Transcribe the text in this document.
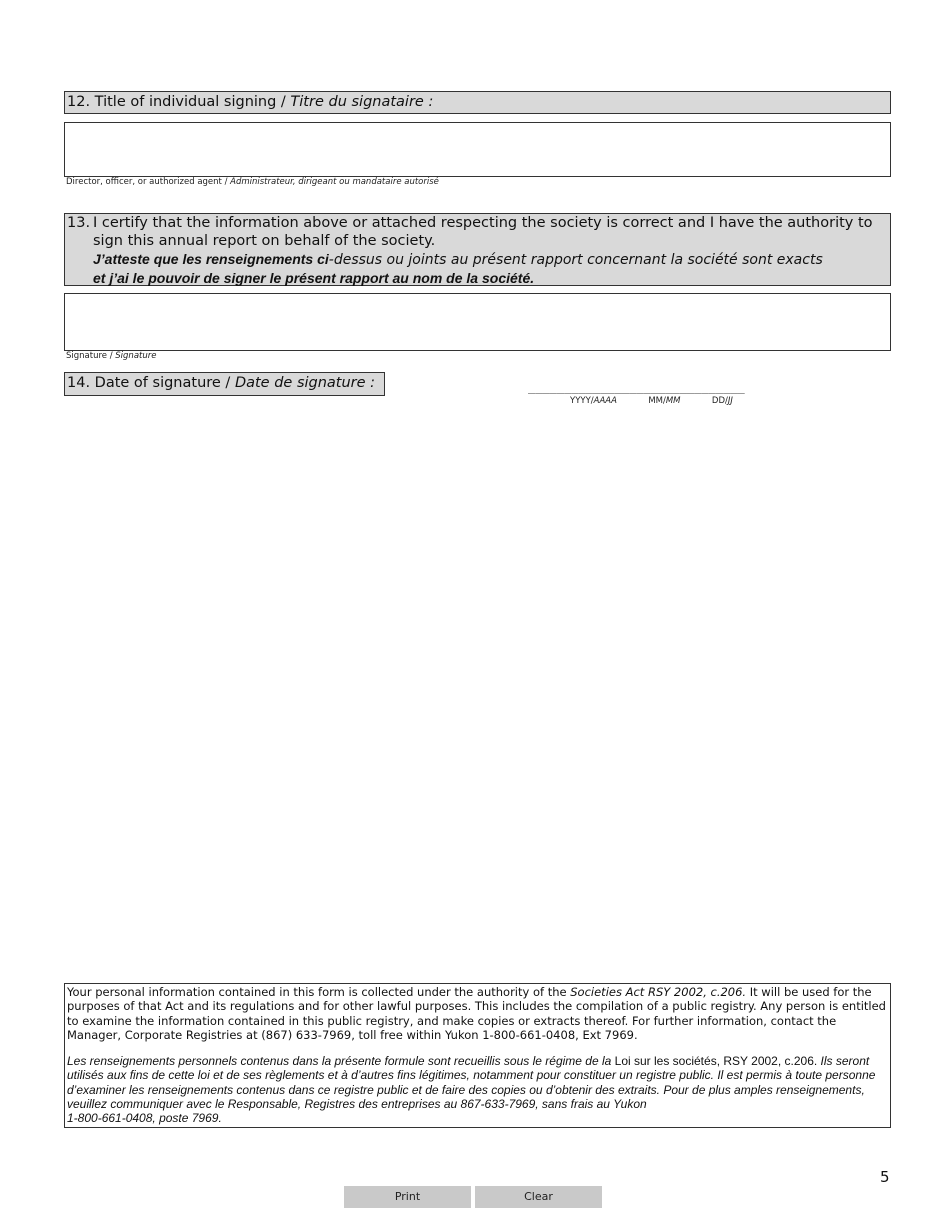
12. Title of individual signing / Titre du signataire :
Director, officer, or authorized agent / Administrateur, dirigeant ou mandataire autorisé
13. I certify that the information above or attached respecting the society is correct and I have the authority to sign this annual report on behalf of the society.
J’atteste que les renseignements ci-dessus ou joints au présent rapport concernant la société sont exacts
et j’ai le pouvoir de signer le présent rapport au nom de la société.
Signature / Signature
14. Date of signature / Date de signature :	______________________________
YYYY/AAAA	MM/MM	DD/JJ

Your personal information contained in this form is collected under the authority of the Societies Act RSY 2002, c.206. It will be used for the purposes of that Act and its regulations and for other lawful purposes. This includes the compilation of a public registry. Any person is entitled to examine the information contained in this public registry, and make copies or extracts thereof. For further information, contact the Manager, Corporate Registries at (867) 633-7969, toll free within Yukon 1-800-661-0408, Ext 7969.

Les renseignements personnels contenus dans la présente formule sont recueillis sous le régime de la Loi sur les sociétés, RSY 2002, c.206. Ils seront utilisés aux fins de cette loi et de ses règlements et à d’autres fins légitimes, notamment pour constituer un registre public. Il est permis à toute personne d’examiner les renseignements contenus dans ce registre public et de faire des copies ou d’obtenir des extraits. Pour de plus amples renseignements, veuillez communiquer avec le Responsable, Registres des entreprises au 867-633-7969, sans frais au Yukon
1-800-661-0408, poste 7969.

5
Print	Clear
